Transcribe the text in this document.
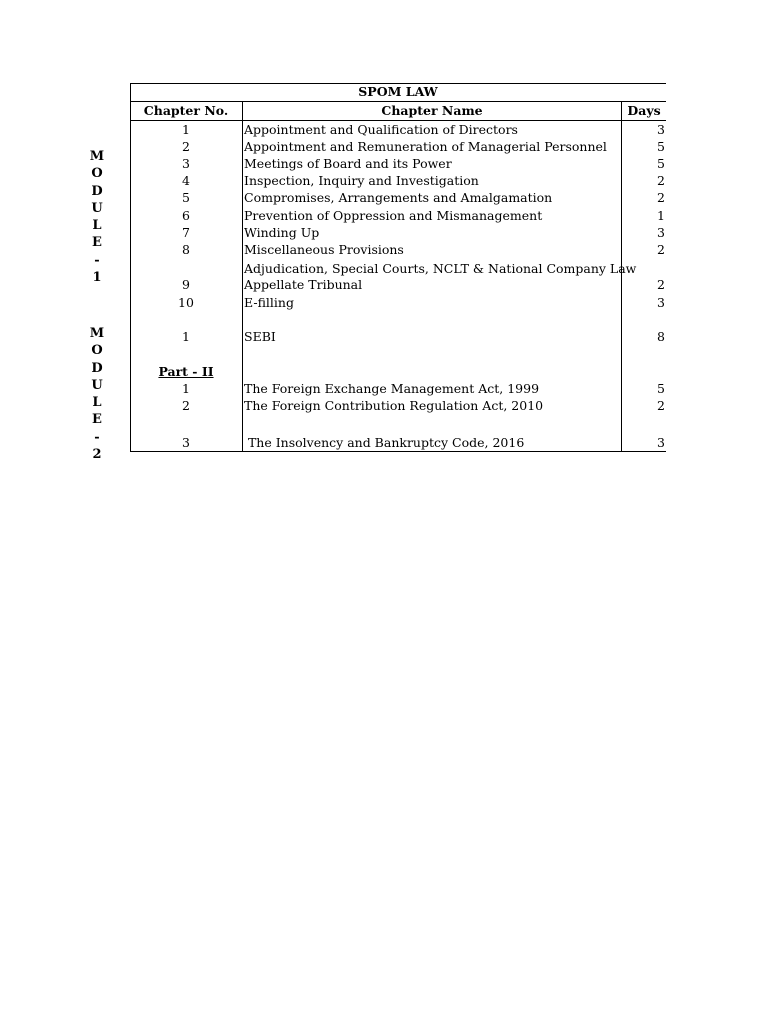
M
O
D
U
L
E
-
1
M
O
D
U
L
E
-
2
SPOM LAW
Chapter No.	Chapter Name	Days
1	Appointment and Qualification of Directors	3
2	Appointment and Remuneration of Managerial Personnel	5
3	Meetings of Board and its Power	5
4	Inspection, Inquiry and Investigation	2
5	Compromises, Arrangements and Amalgamation	2
6	Prevention of Oppression and Mismanagement	1
7	Winding Up	3
8	Miscellaneous Provisions	2
Adjudication, Special Courts, NCLT & National Company Law
9	Appellate Tribunal	2
10	E-filling	3
1	SEBI	8
Part - II
1	The Foreign Exchange Management Act, 1999	5
2	The Foreign Contribution Regulation Act, 2010	2
3	The Insolvency and Bankruptcy Code, 2016	3
